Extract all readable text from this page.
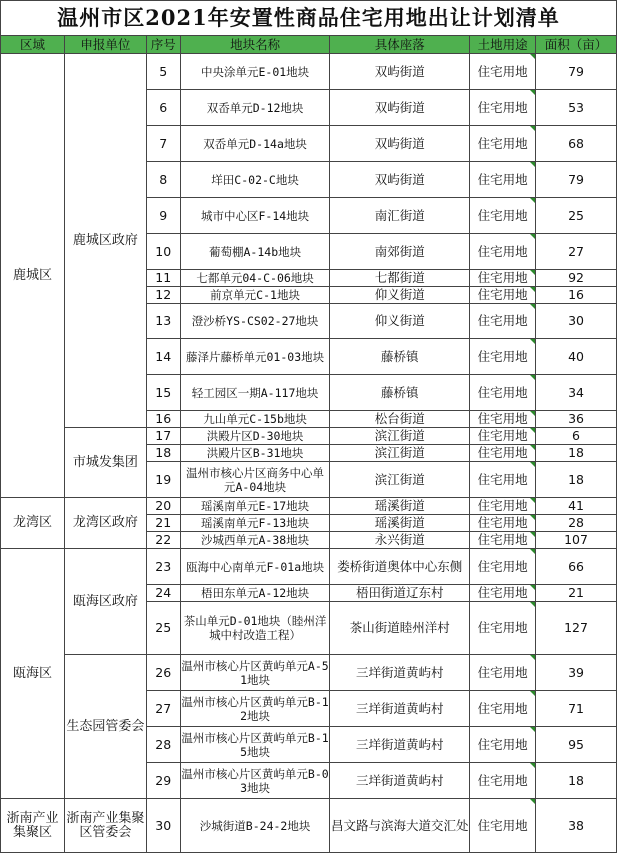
温州市区2021年安置性商品住宅用地出让计划清单						
区域	申报单位	序号	地块名称	具体座落	土地用途	面积（亩）
鹿城区	鹿城区政府	5	中央涂单元E-01地块	双屿街道	住宅用地	79
		6	双岙单元D-12地块	双屿街道	住宅用地	53
		7	双岙单元D-14a地块	双屿街道	住宅用地	68
		8	垟田C-02-C地块	双屿街道	住宅用地	79
		9	城市中心区F-14地块	南汇街道	住宅用地	25
		10	葡萄棚A-14b地块	南郊街道	住宅用地	27
		11	七都单元04-C-06地块	七都街道	住宅用地	92
		12	前京单元C-1地块	仰义街道	住宅用地	16
		13	澄沙桥YS-CS02-27地块	仰义街道	住宅用地	30
		14	藤泽片藤桥单元01-03地块	藤桥镇	住宅用地	40
		15	轻工园区一期A-117地块	藤桥镇	住宅用地	34
		16	九山单元C-15b地块	松台街道	住宅用地	36
	市城发集团	17	洪殿片区D-30地块	滨江街道	住宅用地	6
		18	洪殿片区B-31地块	滨江街道	住宅用地	18
		19	温州市核心片区商务中心单元A-04地块	滨江街道	住宅用地	18
龙湾区	龙湾区政府	20	瑶溪南单元E-17地块	瑶溪街道	住宅用地	41
		21	瑶溪南单元F-13地块	瑶溪街道	住宅用地	28
		22	沙城西单元A-38地块	永兴街道	住宅用地	107
瓯海区	瓯海区政府	23	瓯海中心南单元F-01a地块	娄桥街道奥体中心东侧	住宅用地	66
		24	梧田东单元A-12地块	梧田街道辽东村	住宅用地	21
		25	茶山单元D-01地块（睦州洋城中村改造工程）	茶山街道睦州洋村	住宅用地	127
	生态园管委会	26	温州市核心片区黄屿单元A-51地块	三垟街道黄屿村	住宅用地	39
		27	温州市核心片区黄屿单元B-12地块	三垟街道黄屿村	住宅用地	71
		28	温州市核心片区黄屿单元B-15地块	三垟街道黄屿村	住宅用地	95
		29	温州市核心片区黄屿单元B-03地块	三垟街道黄屿村	住宅用地	18
浙南产业集聚区	浙南产业集聚区管委会	30	沙城街道B-24-2地块	昌文路与滨海大道交汇处	住宅用地	38
